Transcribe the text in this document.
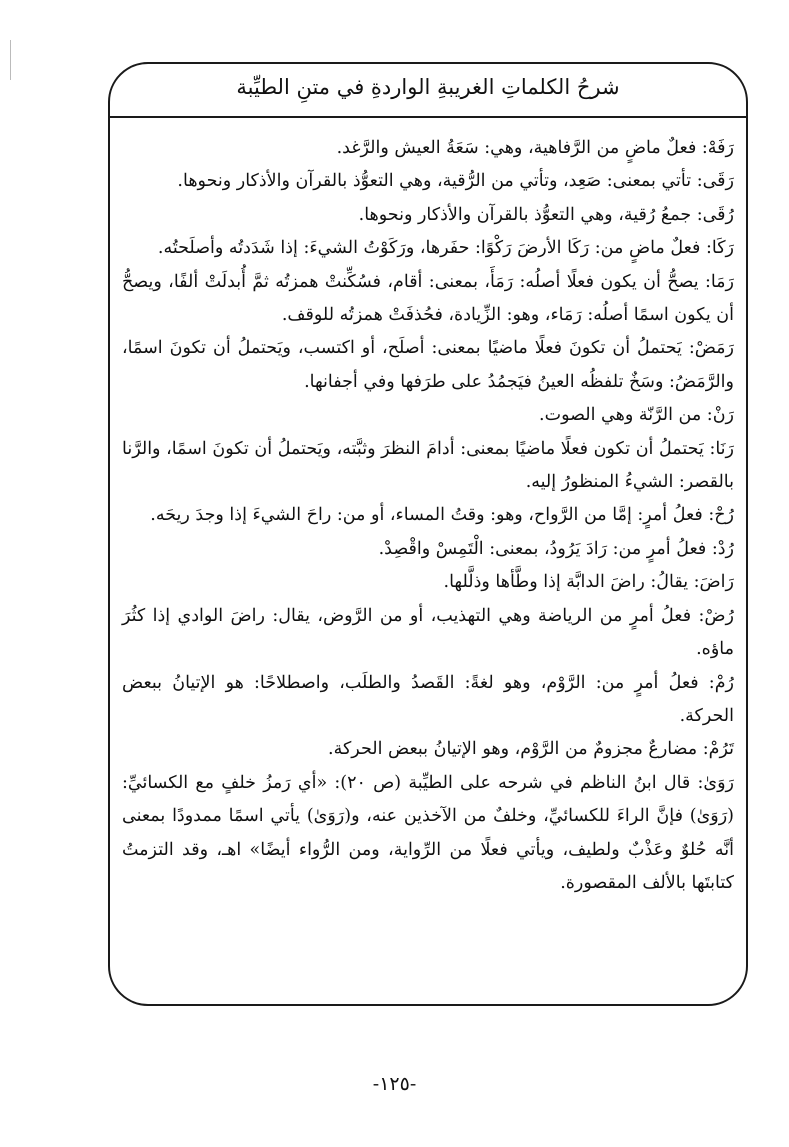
شرحُ الكلماتِ الغريبةِ الواردةِ في متنِ الطيِّبة

رَفَهْ: فعلٌ ماضٍ من الرَّفاهية، وهي: سَعَةُ العيش والرَّغد.

رَقَى: تأتي بمعنى: صَعِد، وتأتي من الرُّقية، وهي التعوُّذ بالقرآن والأذكار ونحوها.

رُقَى: جمعُ رُقية، وهي التعوُّذ بالقرآن والأذكار ونحوها.

رَكَا: فعلٌ ماضٍ من: رَكَا الأرضَ رَكْوًا: حفَرها، ورَكَوْتُ الشيءَ: إذا شَدَدتُه وأصلَحتُه.

رَمَا: يصحُّ أن يكون فعلًا أصلُه: رَمَأَ، بمعنى: أقام، فسُكِّنتْ همزتُه ثمَّ أُبدلَتْ ألفًا، ويصحُّ أن يكون اسمًا أصلُه: رَمَاء، وهو: الزِّيادة، فحُذفَتْ همزتُه للوقف.

رَمَضْ: يَحتملُ أن تكونَ فعلًا ماضيًا بمعنى: أصلَح، أو اكتسب، ويَحتملُ أن تكونَ اسمًا، والرَّمَضُ: وسَخٌ تلفظُه العينُ فيَجمُدُ على طرَفها وفي أجفانها.

رَنْ: من الرَّنّة وهي الصوت.

رَنَا: يَحتملُ أن تكون فعلًا ماضيًا بمعنى: أدامَ النظرَ وثبَّته، ويَحتملُ أن تكونَ اسمًا، والرَّنا بالقصر: الشيءُ المنظورُ إليه.

رُحْ: فعلُ أمرٍ: إمَّا من الرَّواح، وهو: وقتُ المساء، أو من: راحَ الشيءَ إذا وجدَ ريحَه.

رُدْ: فعلُ أمرٍ من: رَادَ يَرُودُ، بمعنى: الْتَمِسْ واقْصِدْ.

رَاضَ: يقالُ: راضَ الدابَّة إذا وطَّأها وذلَّلها.

رُضْ: فعلُ أمرٍ من الرياضة وهي التهذيب، أو من الرَّوض، يقال: راضَ الوادي إذا كثُرَ ماؤه.

رُمْ: فعلُ أمرٍ من: الرَّوْم، وهو لغةً: القَصدُ والطلَب، واصطلاحًا: هو الإتيانُ ببعض الحركة.

تَرُمْ: مضارعٌ مجزومٌ من الرَّوْم، وهو الإتيانُ ببعض الحركة.

رَوَىٰ: قال ابنُ الناظم في شرحه على الطيِّبة (ص ٢٠): «أي رَمزُ خلفٍ مع الكسائيِّ: (رَوَىٰ) فإنَّ الراءَ للكسائيِّ، وخلفٌ من الآخذين عنه، و(رَوَىٰ) يأتي اسمًا ممدودًا بمعنى أنَّه حُلوٌ وعَذْبٌ ولطيف، ويأتي فعلًا من الرِّواية، ومن الرُّواء أيضًا» اهـ، وقد التزمتُ كتابتَها بالألف المقصورة.

-١٢٥-
